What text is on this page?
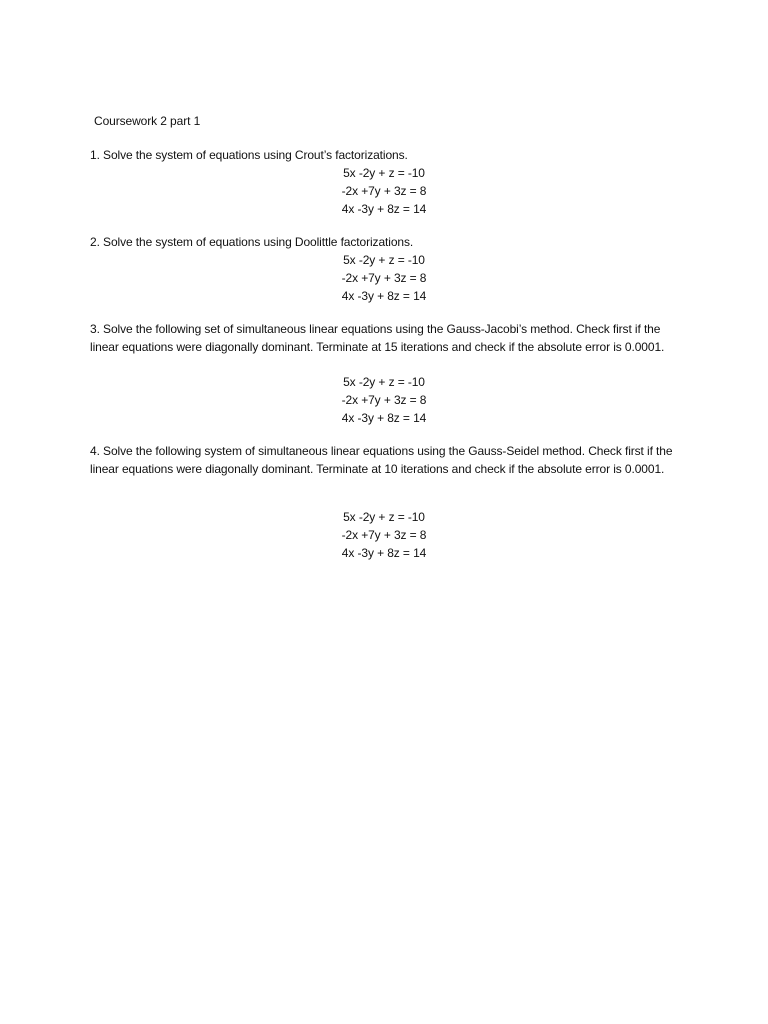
Coursework 2 part 1

1. Solve the system of equations using Crout’s factorizations.

5x -2y + z = -10
-2x +7y + 3z = 8
4x -3y + 8z = 14

2. Solve the system of equations using Doolittle factorizations.

5x -2y + z = -10
-2x +7y + 3z = 8
4x -3y + 8z = 14

3. Solve the following set of simultaneous linear equations using the Gauss-Jacobi’s method. Check first if the linear equations were diagonally dominant. Terminate at 15 iterations and check if the absolute error is 0.0001.

5x -2y + z = -10
-2x +7y + 3z = 8
4x -3y + 8z = 14

4. Solve the following system of simultaneous linear equations using the Gauss-Seidel method. Check first if the linear equations were diagonally dominant. Terminate at 10 iterations and check if the absolute error is 0.0001.

5x -2y + z = -10
-2x +7y + 3z = 8
4x -3y + 8z = 14
